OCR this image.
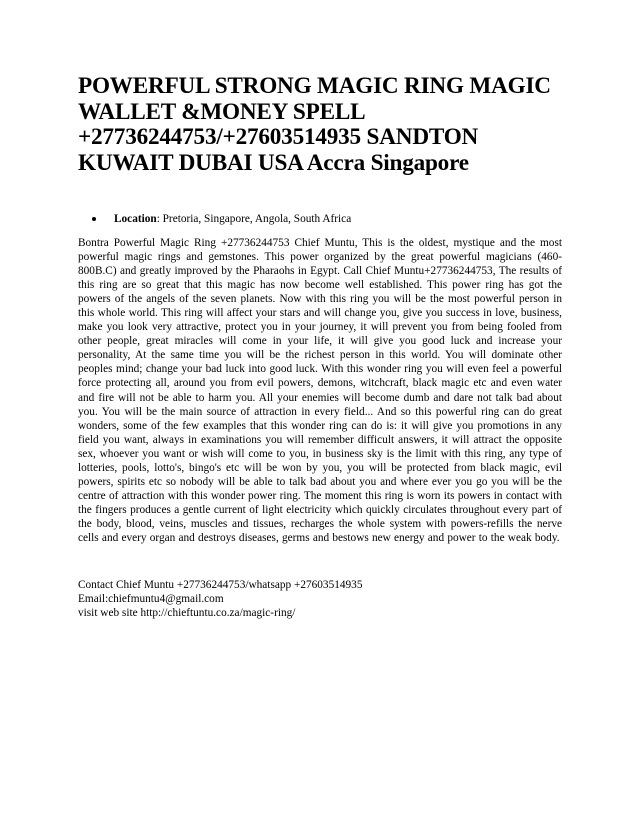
POWERFUL STRONG MAGIC RING MAGIC WALLET &MONEY SPELL +27736244753/+27603514935 SANDTON KUWAIT DUBAI USA Accra Singapore
Location: Pretoria, Singapore, Angola, South Africa

Bontra Powerful Magic Ring +27736244753 Chief Muntu, This is the oldest, mystique and the most powerful magic rings and gemstones. This power organized by the great powerful magicians (460-800B.C) and greatly improved by the Pharaohs in Egypt. Call Chief Muntu+27736244753, The results of this ring are so great that this magic has now become well established. This power ring has got the powers of the angels of the seven planets. Now with this ring you will be the most powerful person in this whole world. This ring will affect your stars and will change you, give you success in love, business, make you look very attractive, protect you in your journey, it will prevent you from being fooled from other people, great miracles will come in your life, it will give you good luck and increase your personality, At the same time you will be the richest person in this world. You will dominate other peoples mind; change your bad luck into good luck. With this wonder ring you will even feel a powerful force protecting all, around you from evil powers, demons, witchcraft, black magic etc and even water and fire will not be able to harm you. All your enemies will become dumb and dare not talk bad about you. You will be the main source of attraction in every field... And so this powerful ring can do great wonders, some of the few examples that this wonder ring can do is: it will give you promotions in any field you want, always in examinations you will remember difficult answers, it will attract the opposite sex, whoever you want or wish will come to you, in business sky is the limit with this ring, any type of lotteries, pools, lotto's, bingo's etc will be won by you, you will be protected from black magic, evil powers, spirits etc so nobody will be able to talk bad about you and where ever you go you will be the centre of attraction with this wonder power ring. The moment this ring is worn its powers in contact with the fingers produces a gentle current of light electricity which quickly circulates throughout every part of the body, blood, veins, muscles and tissues, recharges the whole system with powers-refills the nerve cells and every organ and destroys diseases, germs and bestows new energy and power to the weak body.

Contact Chief Muntu +27736244753/whatsapp +27603514935

Email:chiefmuntu4@gmail.com

visit web site http://chieftuntu.co.za/magic-ring/
